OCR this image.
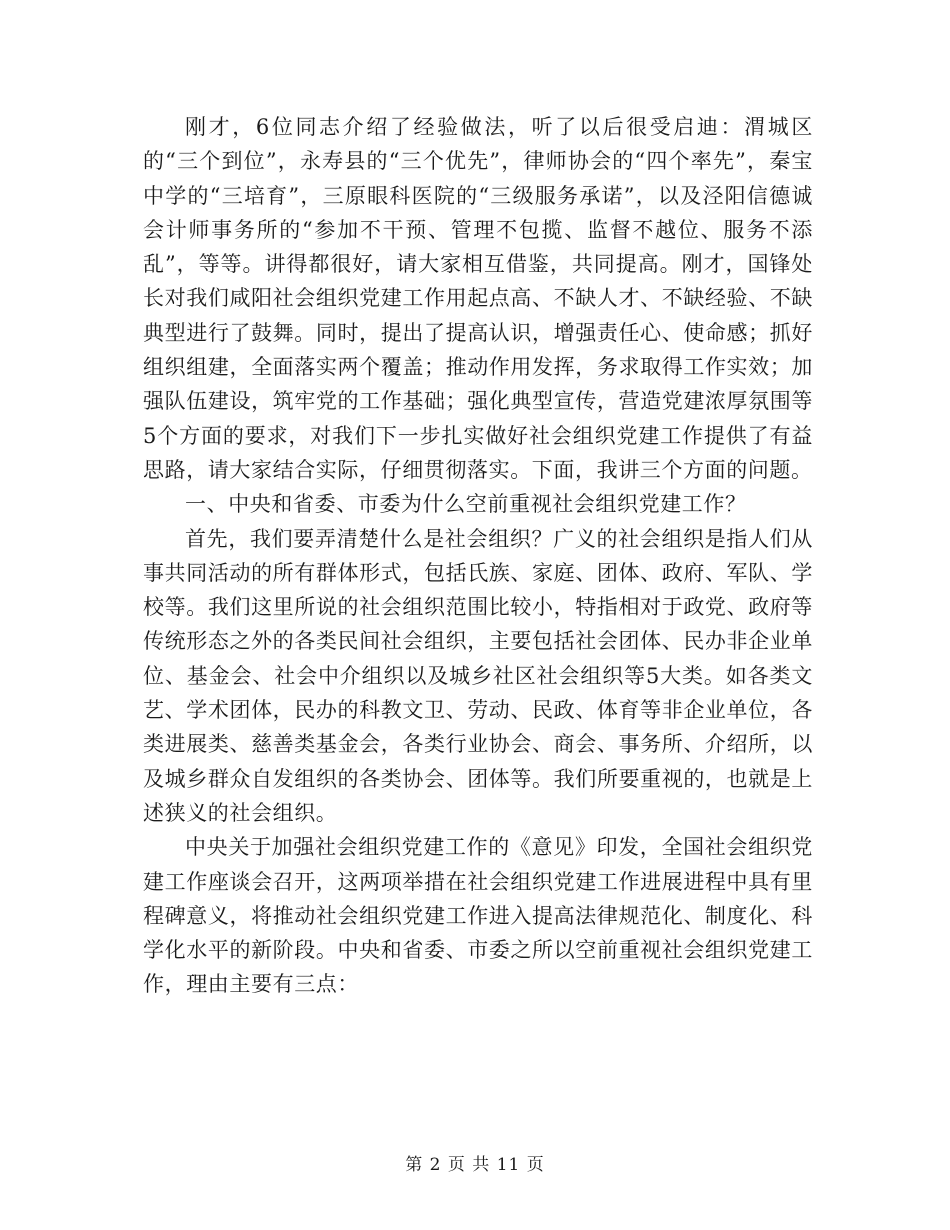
刚才，6位同志介绍了经验做法，听了以后很受启迪：渭城区的“三个到位”，永寿县的“三个优先”，律师协会的“四个率先”，秦宝中学的“三培育”，三原眼科医院的“三级服务承诺”，以及泾阳信德诚会计师事务所的“参加不干预、管理不包揽、监督不越位、服务不添乱”，等等。讲得都很好，请大家相互借鉴，共同提高。刚才，国锋处长对我们咸阳社会组织党建工作用起点高、不缺人才、不缺经验、不缺典型进行了鼓舞。同时，提出了提高认识，增强责任心、使命感；抓好组织组建，全面落实两个覆盖；推动作用发挥，务求取得工作实效；加强队伍建设，筑牢党的工作基础；强化典型宣传，营造党建浓厚氛围等5个方面的要求，对我们下一步扎实做好社会组织党建工作提供了有益思路，请大家结合实际，仔细贯彻落实。下面，我讲三个方面的问题。

一、中央和省委、市委为什么空前重视社会组织党建工作？

首先，我们要弄清楚什么是社会组织？广义的社会组织是指人们从事共同活动的所有群体形式，包括氏族、家庭、团体、政府、军队、学校等。我们这里所说的社会组织范围比较小，特指相对于政党、政府等传统形态之外的各类民间社会组织，主要包括社会团体、民办非企业单位、基金会、社会中介组织以及城乡社区社会组织等5大类。如各类文艺、学术团体，民办的科教文卫、劳动、民政、体育等非企业单位，各类进展类、慈善类基金会，各类行业协会、商会、事务所、介绍所，以及城乡群众自发组织的各类协会、团体等。我们所要重视的，也就是上述狭义的社会组织。

中央关于加强社会组织党建工作的《意见》印发，全国社会组织党建工作座谈会召开，这两项举措在社会组织党建工作进展进程中具有里程碑意义，将推动社会组织党建工作进入提高法律规范化、制度化、科学化水平的新阶段。中央和省委、市委之所以空前重视社会组织党建工作，理由主要有三点：

第 2 页 共 11 页
